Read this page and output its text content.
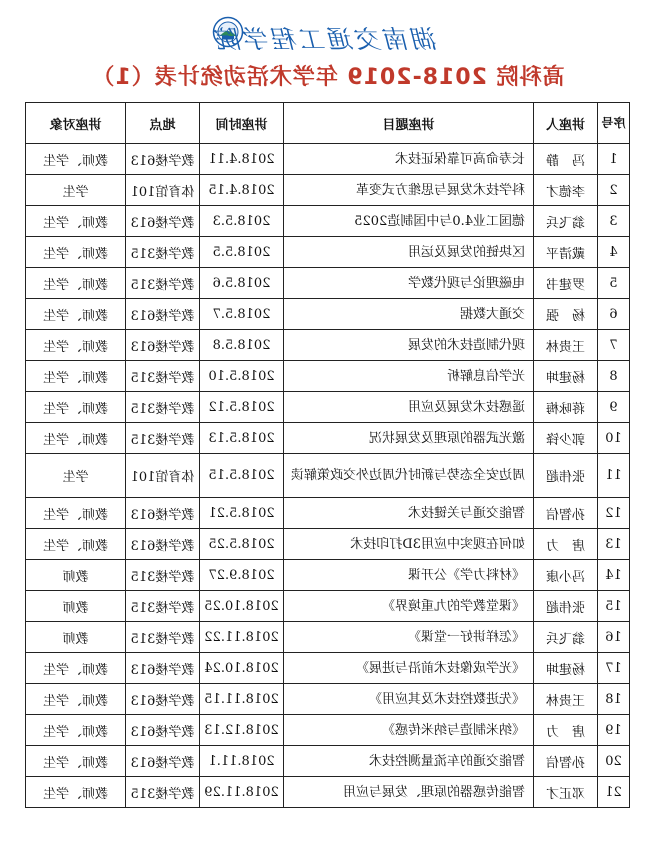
湖南交通工程学院
高科院 2018-2019 年学术活动统计表（1）
序号	讲座人	讲座题目	讲座时间	地点	讲座对象
1	冯　静	长寿命高可靠保证技术	2018.4.11	教学楼613	教师、学生
2	李德才	科学技术发展与思维方式变革	2018.4.15	体育馆101	学生
3	翁飞兵	德国工业4.0与中国制造2025	2018.5.3	教学楼613	教师、学生
4	戴清平	区块链的发展及运用	2018.5.5	教学楼315	教师、学生
5	罗建书	电磁理论与现代数学	2018.5.6	教学楼315	教师、学生
6	杨　强	交通大数据	2018.5.7	教学楼613	教师、学生
7	王贵林	现代制造技术的发展	2018.5.8	教学楼613	教师、学生
8	杨建坤	光学信息解析	2018.5.10	教学楼315	教师、学生
9	蒋咏梅	遥感技术发展及应用	2018.5.12	教学楼315	教师、学生
10	郭少锋	激光武器的原理及发展状况	2018.5.13	教学楼315	教师、学生
11	张伟超	周边安全态势与新时代周边外交政策解读	2018.5.15	体育馆101	学生
12	孙智信	智能交通与关键技术	2018.5.21	教学楼613	教师、学生
13	唐　力	如何在现实中应用3D打印技术	2018.5.25	教学楼613	教师、学生
14	冯小康	《材料力学》公开课	2018.9.27	教学楼315	教师
15	张伟超	《课堂教学的九重境界》	2018.10.25	教学楼315	教师
16	翁飞兵	《怎样讲好一堂课》	2018.11.22	教学楼315	教师
17	杨建坤	《光学成像技术前沿与进展》	2018.10.24	教学楼613	教师、学生
18	王贵林	《先进数控技术及其应用》	2018.11.15	教学楼613	教师、学生
19	唐　力	《纳米制造与纳米传感》	2018.12.13	教学楼613	教师、学生
20	孙智信	智能交通的车流量测控技术	2018.11.1	教学楼613	教师、学生
21	邓正才	智能传感器的原理、发展与应用	2018.11.29	教学楼315	教师、学生
